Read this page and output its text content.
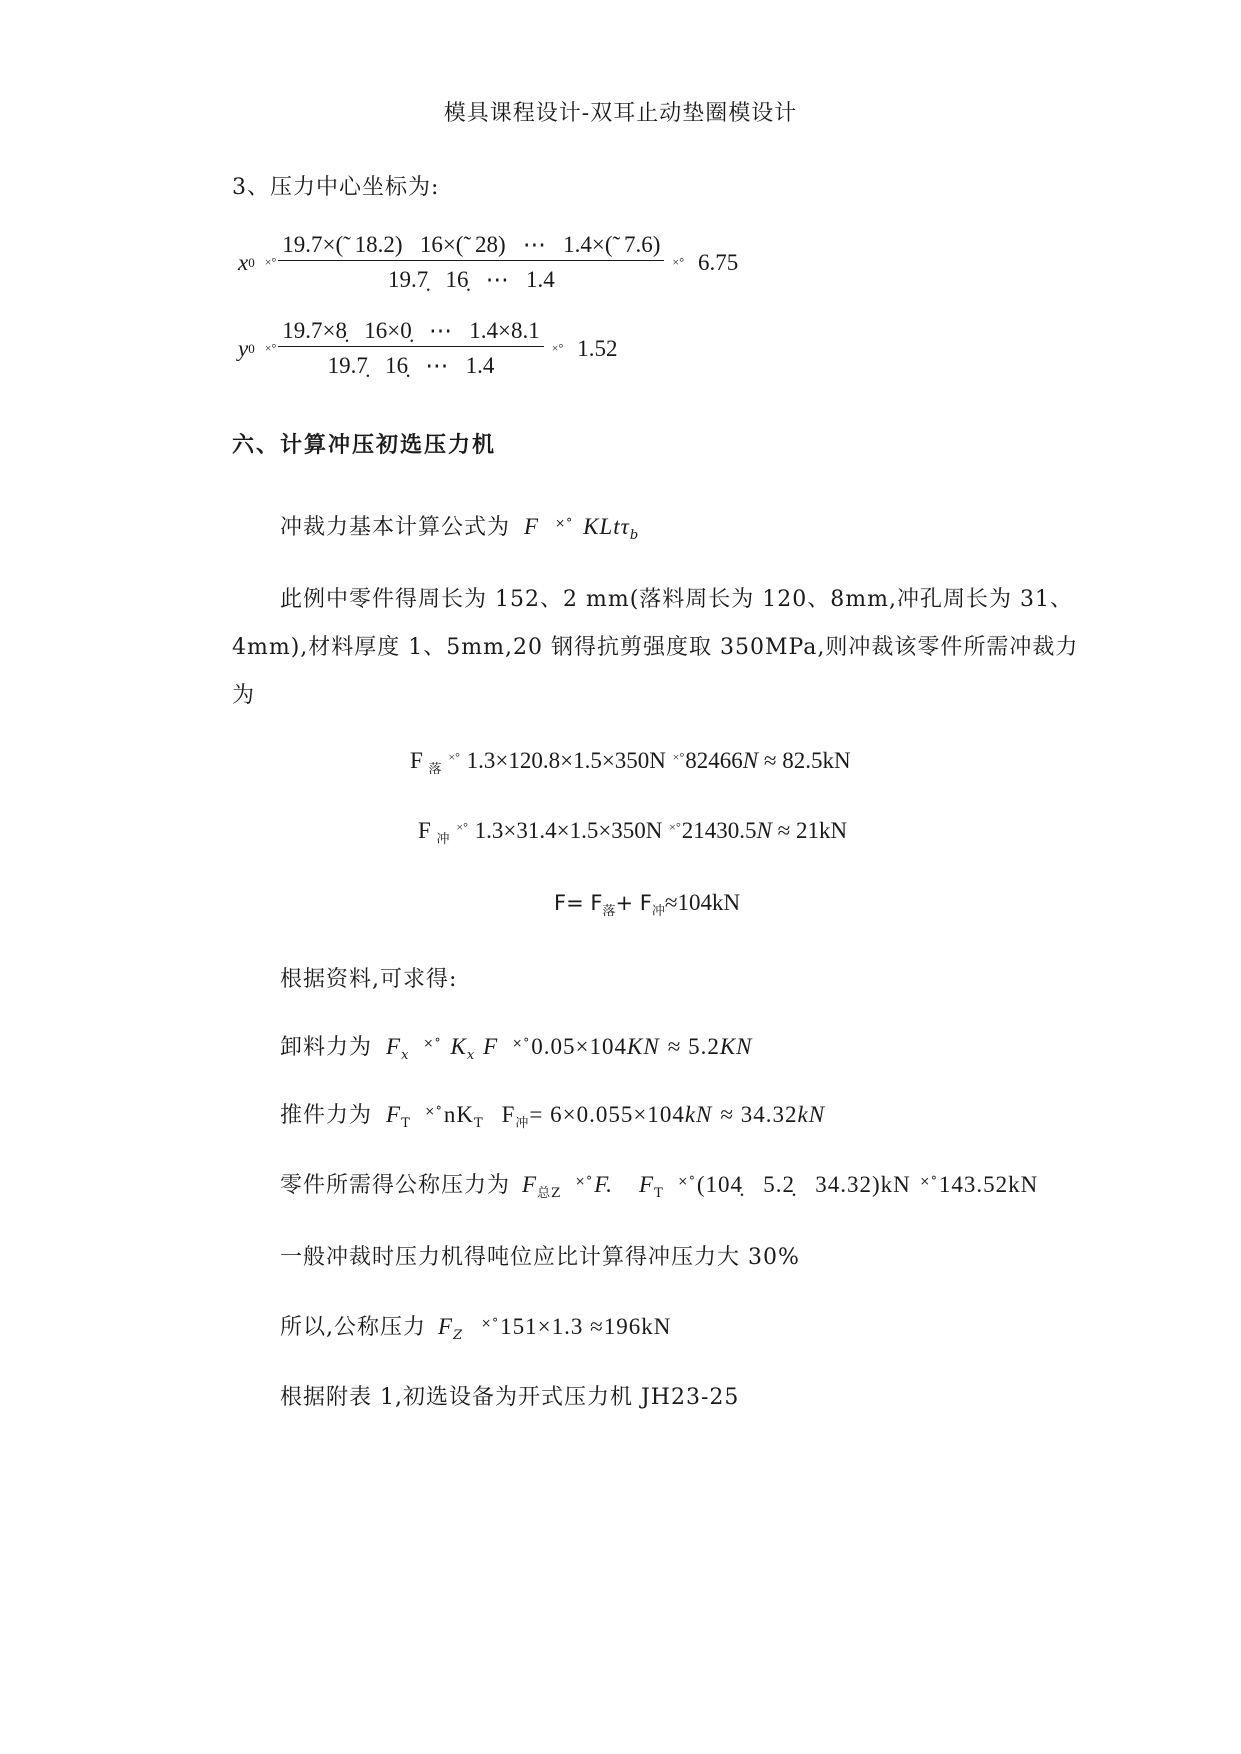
模具课程设计-双耳止动垫圈模设计
3、压力中心坐标为:
x 0 ×° $\frac{19.7\times(̃ 18.2) 16\times(̃ 28) \cdots 1.4\times(̃ 7.6)}{19.7̣ 16̣ \cdots 1.4}$ ×° 6.75
y 0 ×° $\frac{19.7\times 8̣ 16\times 0̣ \cdots 1.4\times 8.1}{19.7̣ 16̣ \cdots 1.4}$ ×° 1.52
六、计算冲压初选压力机
冲裁力基本计算公式为 F ×° KLtτ$_b$
此例中零件得周长为 152、2 mm(落料周长为 120、8mm,冲孔周长为 31、
4mm),材料厚度 1、5mm,20 钢得抗剪强度取 350MPa,则冲裁该零件所需冲裁力
为
F $_落$ ×° 1.3×120.8×1.5×350N ×°82466N ≈ 82.5kN
F $_冲$ ×° 1.3×31.4×1.5×350N ×°21430.5N ≈ 21kN
$F= F_落+ F_冲\approx 104kN$
根据资料,可求得:
卸料力为 $F_x$ ×° $K_x$ F ×°0.05×104KN ≈ 5.2KN
推件力为 $F_T$ $^{\times^\circ}nK_T$ $F_冲= 6\times 0.055\times 104kN \approx 34.32kN$
零件所需得公称压力为 $F_{总Z}$ ×°F. $F_T$ ×°(104̣   5.2̣   34.32)kN ×°143.52kN
一般冲裁时压力机得吨位应比计算得冲压力大 30%
所以,公称压力 $F_Z$ ×°151×1.3 ≈196kN
根据附表 1,初选设备为开式压力机 JH23-25
